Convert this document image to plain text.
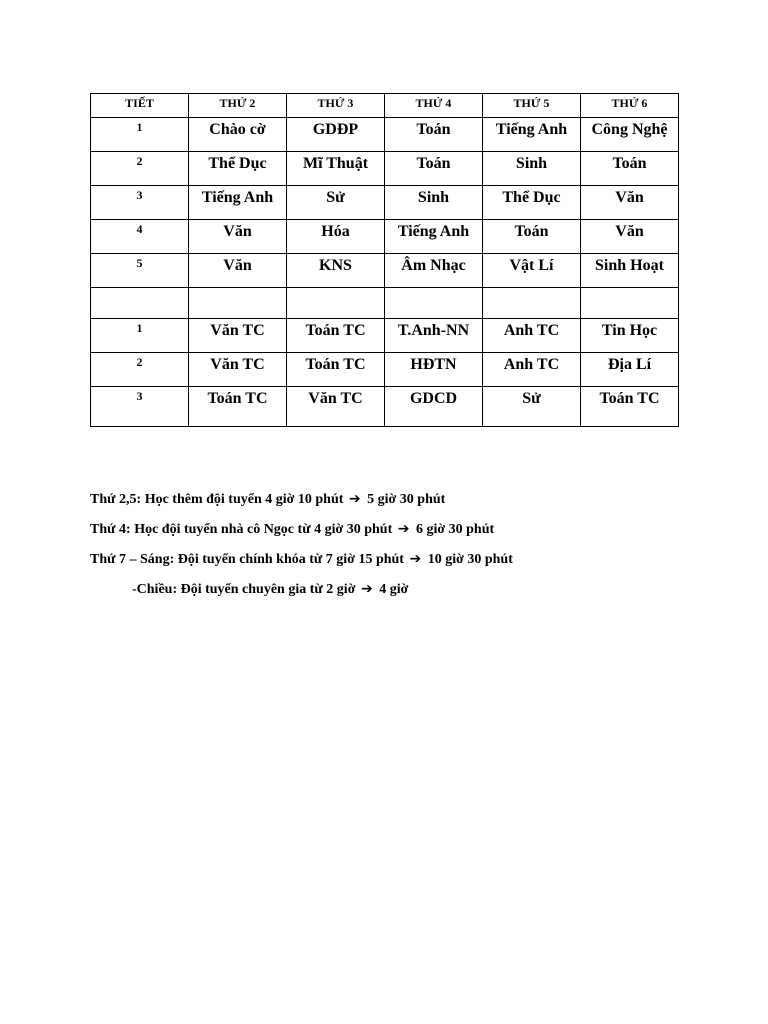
TIẾT	THỨ 2	THỨ 3	THỨ 4	THỨ 5	THỨ 6
1	Chào cờ	GDĐP	Toán	Tiếng Anh	Công Nghệ
2	Thể Dục	Mĩ Thuật	Toán	Sinh	Toán
3	Tiếng Anh	Sử	Sinh	Thể Dục	Văn
4	Văn	Hóa	Tiếng Anh	Toán	Văn
5	Văn	KNS	Âm Nhạc	Vật Lí	Sinh Hoạt

1	Văn TC	Toán TC	T.Anh-NN	Anh TC	Tin Học
2	Văn TC	Toán TC	HĐTN	Anh TC	Địa Lí
3	Toán TC	Văn TC	GDCD	Sử	Toán TC
Thứ 2,5: Học thêm đội tuyển 4 giờ 10 phút ➔ 5 giờ 30 phút
Thứ 4: Học đội tuyển nhà cô Ngọc từ 4 giờ 30 phút ➔ 6 giờ 30 phút
Thứ 7 – Sáng: Đội tuyển chính khóa từ 7 giờ 15 phút ➔ 10 giờ 30 phút
-Chiều: Đội tuyển chuyên gia từ 2 giờ ➔ 4 giờ
